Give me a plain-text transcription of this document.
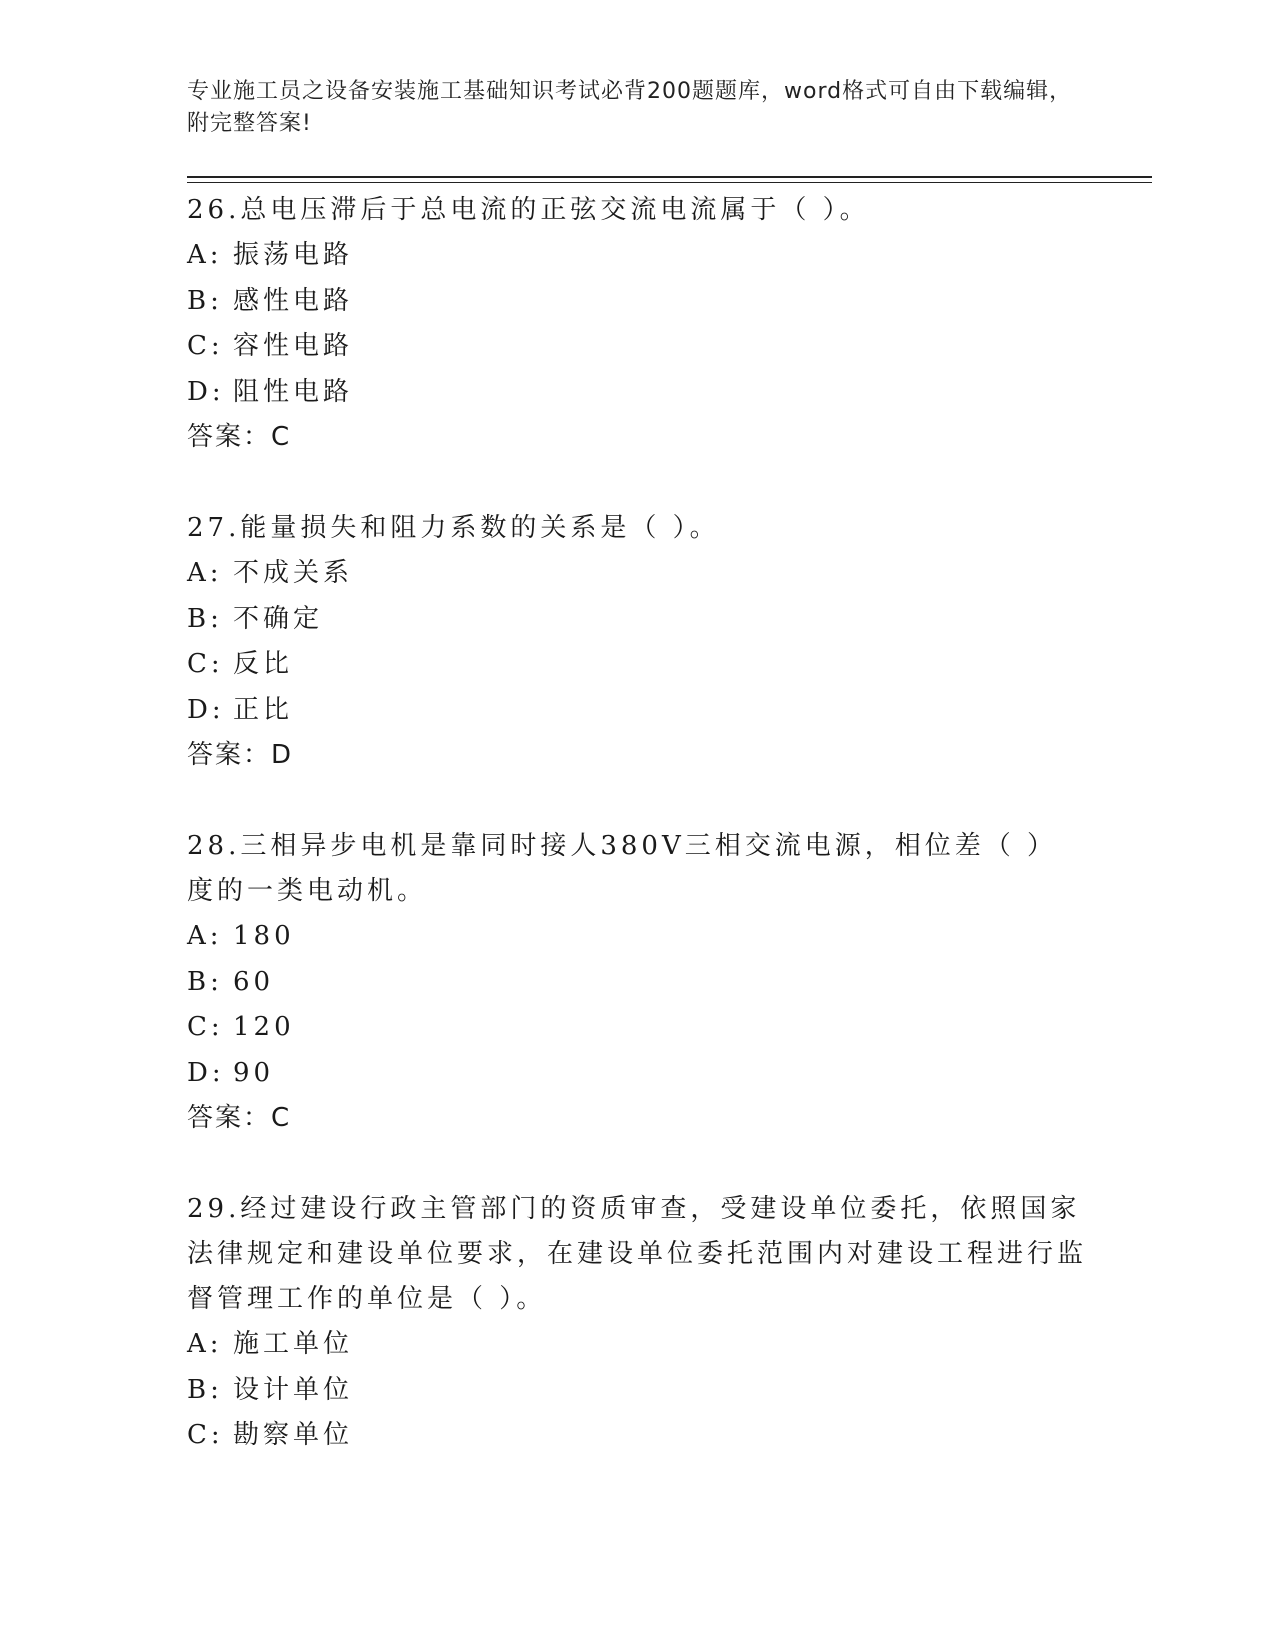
专业施工员之设备安装施工基础知识考试必背200题题库，word格式可自由下载编辑，附完整答案!
26.总电压滞后于总电流的正弦交流电流属于（ ）。
A: 振荡电路
B: 感性电路
C: 容性电路
D: 阻性电路
答案：C
27.能量损失和阻力系数的关系是（ ）。
A: 不成关系
B: 不确定
C: 反比
D: 正比
答案：D
28.三相异步电机是靠同时接人380V三相交流电源，相位差（ ）度的一类电动机。
A: 180
B: 60
C: 120
D: 90
答案：C
29.经过建设行政主管部门的资质审查，受建设单位委托，依照国家法律规定和建设单位要求，在建设单位委托范围内对建设工程进行监督管理工作的单位是（ ）。
A: 施工单位
B: 设计单位
C: 勘察单位
